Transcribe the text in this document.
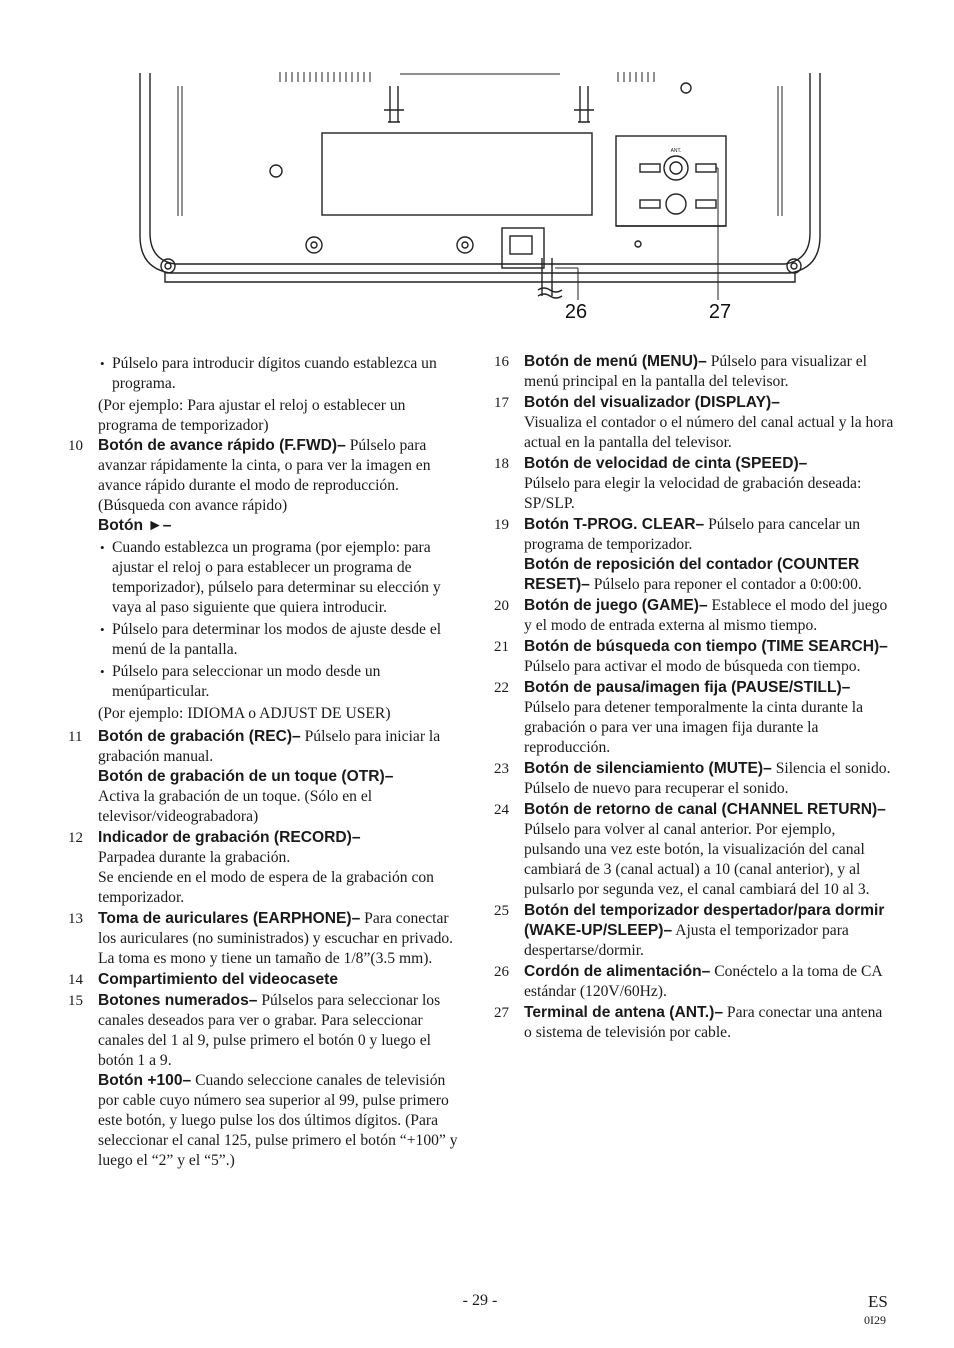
ANT.
26	27
• Púlselo para introducir dígitos cuando establezca un programa.
(Por ejemplo: Para ajustar el reloj o establecer un programa de temporizador)
10 Botón de avance rápido (F.FWD)– Púlselo para avanzar rápidamente la cinta, o para ver la imagen en avance rápido durante el modo de reproducción. (Búsqueda con avance rápido)
Botón ►–
• Cuando establezca un programa (por ejemplo: para ajustar el reloj o para establecer un programa de temporizador), púlselo para determinar su elección y vaya al paso siguiente que quiera introducir.
• Púlselo para determinar los modos de ajuste desde el menú de la pantalla.
• Púlselo para seleccionar un modo desde un menúparticular.
(Por ejemplo: IDIOMA o ADJUST DE USER)
11 Botón de grabación (REC)– Púlselo para iniciar la grabación manual.
Botón de grabación de un toque (OTR)–
Activa la grabación de un toque. (Sólo en el televisor/videograbadora)
12 Indicador de grabación (RECORD)–
Parpadea durante la grabación.
Se enciende en el modo de espera de la grabación con temporizador.
13 Toma de auriculares (EARPHONE)– Para conectar los auriculares (no suministrados) y escuchar en privado. La toma es mono y tiene un tamaño de 1/8”(3.5 mm).
14 Compartimiento del videocasete
15 Botones numerados– Púlselos para seleccionar los canales deseados para ver o grabar. Para seleccionar canales del 1 al 9, pulse primero el botón 0 y luego el botón 1 a 9.
Botón +100– Cuando seleccione canales de televisión por cable cuyo número sea superior al 99, pulse primero este botón, y luego pulse los dos últimos dígitos. (Para seleccionar el canal 125, pulse primero el botón “+100” y luego el “2” y el “5”.)
16 Botón de menú (MENU)– Púlselo para visualizar el menú principal en la pantalla del televisor.
17 Botón del visualizador (DISPLAY)–
Visualiza el contador o el número del canal actual y la hora actual en la pantalla del televisor.
18 Botón de velocidad de cinta (SPEED)–
Púlselo para elegir la velocidad de grabación deseada: SP/SLP.
19 Botón T-PROG. CLEAR– Púlselo para cancelar un programa de temporizador.
Botón de reposición del contador (COUNTER RESET)– Púlselo para reponer el contador a 0:00:00.
20 Botón de juego (GAME)– Establece el modo del juego y el modo de entrada externa al mismo tiempo.
21 Botón de búsqueda con tiempo (TIME SEARCH)– Púlselo para activar el modo de búsqueda con tiempo.
22 Botón de pausa/imagen fija (PAUSE/STILL)– Púlselo para detener temporalmente la cinta durante la grabación o para ver una imagen fija durante la reproducción.
23 Botón de silenciamiento (MUTE)– Silencia el sonido. Púlselo de nuevo para recuperar el sonido.
24 Botón de retorno de canal (CHANNEL RETURN)– Púlselo para volver al canal anterior. Por ejemplo, pulsando una vez este botón, la visualización del canal cambiará de 3 (canal actual) a 10 (canal anterior), y al pulsarlo por segunda vez, el canal cambiará del 10 al 3.
25 Botón del temporizador despertador/para dormir (WAKE-UP/SLEEP)– Ajusta el temporizador para despertarse/dormir.
26 Cordón de alimentación– Conéctelo a la toma de CA estándar (120V/60Hz).
27 Terminal de antena (ANT.)– Para conectar una antena o sistema de televisión por cable.
- 29 -	ES
0I29
